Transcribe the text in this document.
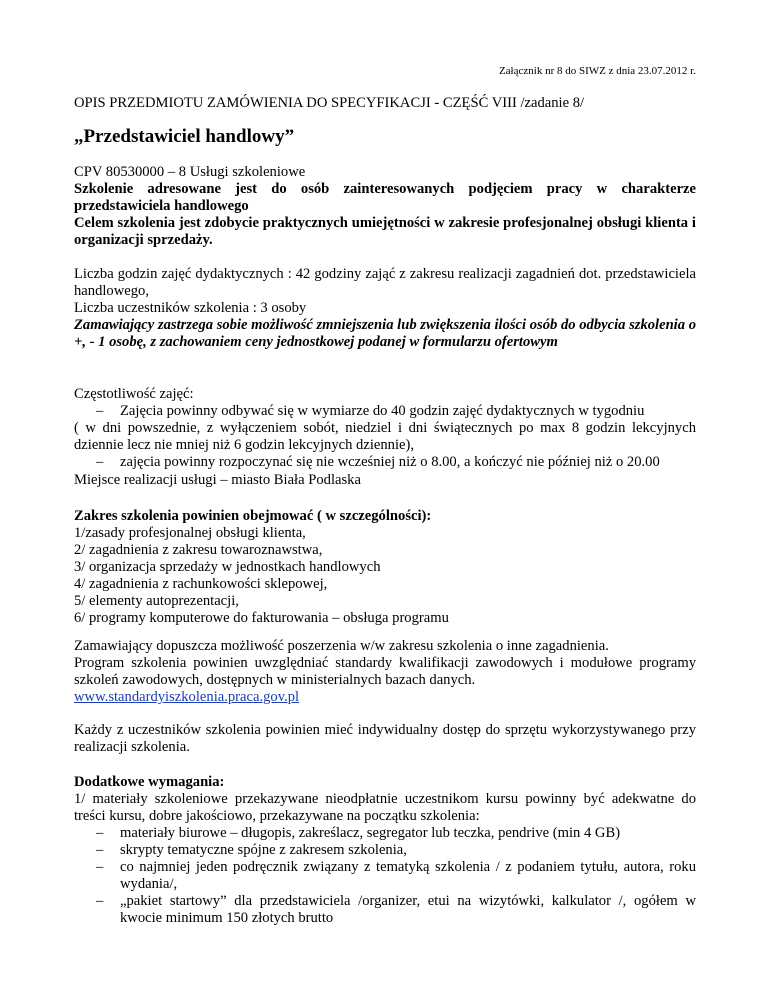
Załącznik nr 8 do SIWZ z dnia 23.07.2012 r.

OPIS PRZEDMIOTU ZAMÓWIENIA DO SPECYFIKACJI - CZĘŚĆ VIII /zadanie 8/

„Przedstawiciel handlowy”

CPV 80530000 – 8 Usługi szkoleniowe

Szkolenie adresowane jest do osób zainteresowanych podjęciem pracy w charakterze przedstawiciela handlowego

Celem szkolenia jest zdobycie praktycznych umiejętności w zakresie profesjonalnej obsługi klienta i organizacji sprzedaży.

Liczba godzin zajęć dydaktycznych : 42 godziny zająć z zakresu realizacji zagadnień dot. przedstawiciela handlowego,

Liczba uczestników szkolenia : 3 osoby

Zamawiający zastrzega sobie możliwość zmniejszenia lub zwiększenia ilości osób do odbycia szkolenia o +, - 1 osobę, z zachowaniem ceny jednostkowej podanej w formularzu ofertowym

Częstotliwość zajęć:

– Zajęcia powinny odbywać się w wymiarze do 40 godzin zajęć dydaktycznych w tygodniu

( w dni powszednie, z wyłączeniem sobót, niedziel i dni świątecznych po max 8 godzin lekcyjnych dziennie lecz nie mniej niż 6 godzin lekcyjnych dziennie),

– zajęcia powinny rozpoczynać się nie wcześniej niż o 8.00, a kończyć nie później niż o 20.00

Miejsce realizacji usługi – miasto Biała Podlaska

Zakres szkolenia powinien obejmować ( w szczególności):

1/zasady profesjonalnej obsługi klienta,

2/ zagadnienia z zakresu towaroznawstwa,

3/ organizacja sprzedaży w jednostkach handlowych

4/ zagadnienia z rachunkowości sklepowej,

5/ elementy autoprezentacji,

6/ programy komputerowe do fakturowania – obsługa programu

Zamawiający dopuszcza możliwość poszerzenia w/w zakresu szkolenia o inne zagadnienia.

Program szkolenia powinien uwzględniać standardy kwalifikacji zawodowych i modułowe programy szkoleń zawodowych, dostępnych w ministerialnych bazach danych.

www.standardyiszkolenia.praca.gov.pl

Każdy z uczestników szkolenia powinien mieć indywidualny dostęp do sprzętu wykorzystywanego przy realizacji szkolenia.

Dodatkowe wymagania:

1/ materiały szkoleniowe przekazywane nieodpłatnie uczestnikom kursu powinny być adekwatne do treści kursu, dobre jakościowo, przekazywane na początku szkolenia:

– materiały biurowe – długopis, zakreślacz, segregator lub teczka, pendrive (min 4 GB)

– skrypty tematyczne spójne z zakresem szkolenia,

– co najmniej jeden podręcznik związany z tematyką szkolenia / z podaniem tytułu, autora, roku wydania/,

– „pakiet startowy” dla przedstawiciela /organizer, etui na wizytówki, kalkulator /, ogółem w kwocie minimum 150 złotych brutto
